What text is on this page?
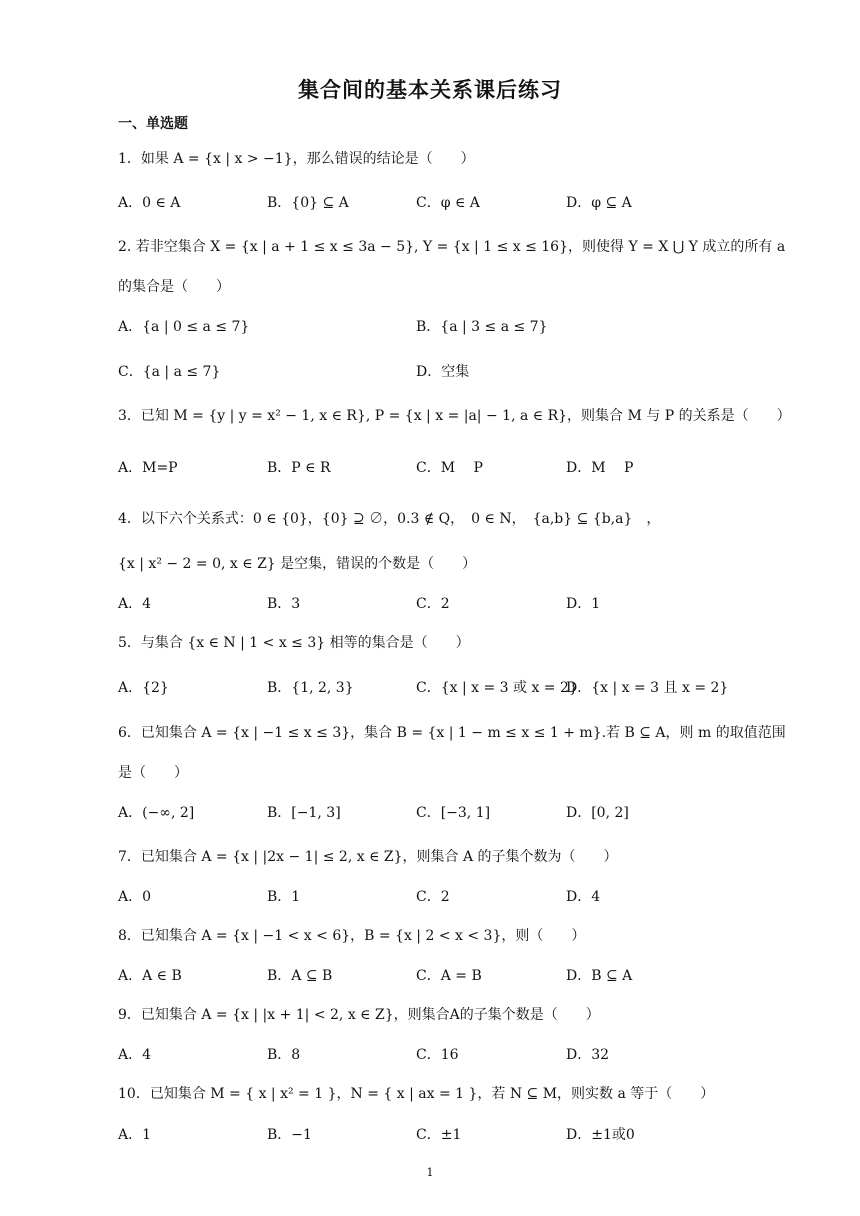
集合间的基本关系课后练习
一、单选题
1．如果 A = {x | x > −1}，那么错误的结论是（　　）
A．0 ∈ A	B．{0} ⊆ A	C．φ ∈ A	D．φ ⊆ A
2. 若非空集合 X = {x | a + 1 ≤ x ≤ 3a − 5}, Y = {x | 1 ≤ x ≤ 16}，则使得 Y = X ⋃ Y 成立的所有 a
的集合是（　　）
A．{a | 0 ≤ a ≤ 7}	B．{a | 3 ≤ a ≤ 7}
C．{a | a ≤ 7}	D．空集
3．已知 M = {y | y = x² − 1, x ∈ R}, P = {x | x = |a| − 1, a ∈ R}，则集合 M 与 P 的关系是（　　）
A．M=P	B．P ∈ R	C．M　 P	D．M　 P
4．以下六个关系式：0 ∈ {0}，{0} ⊇ ∅，0.3 ∉ Q，　0 ∈ N，　{a,b} ⊆ {b,a}　，
{x | x² − 2 = 0, x ∈ Z} 是空集，错误的个数是（　　）
A．4	B．3	C．2	D．1
5．与集合 {x ∈ N | 1 < x ≤ 3} 相等的集合是（　　）
A．{2}	B．{1, 2, 3}	C．{x | x = 3 或 x = 2}
D．{x | x = 3 且 x = 2}
6．已知集合 A = {x | −1 ≤ x ≤ 3}，集合 B = {x | 1 − m ≤ x ≤ 1 + m}.若 B ⊆ A，则 m 的取值范围
是（　　）
A．(−∞, 2]	B．[−1, 3]	C．[−3, 1]	D．[0, 2]
7．已知集合 A = {x | |2x − 1| ≤ 2, x ∈ Z}，则集合 A 的子集个数为（　　）
A．0	B．1	C．2	D．4
8．已知集合 A = {x | −1 < x < 6}，B = {x | 2 < x < 3}，则（　　）
A．A ∈ B	B．A ⊆ B	C．A = B	D．B ⊆ A
9．已知集合 A = {x | |x + 1| < 2, x ∈ Z}，则集合A的子集个数是（　　）
A．4	B．8	C．16	D．32
10．已知集合 M = { x | x² = 1 }，N = { x | ax = 1 }，若 N ⊆ M，则实数 a 等于（　　）
A．1	B．−1	C．±1	D．±1或0
1
